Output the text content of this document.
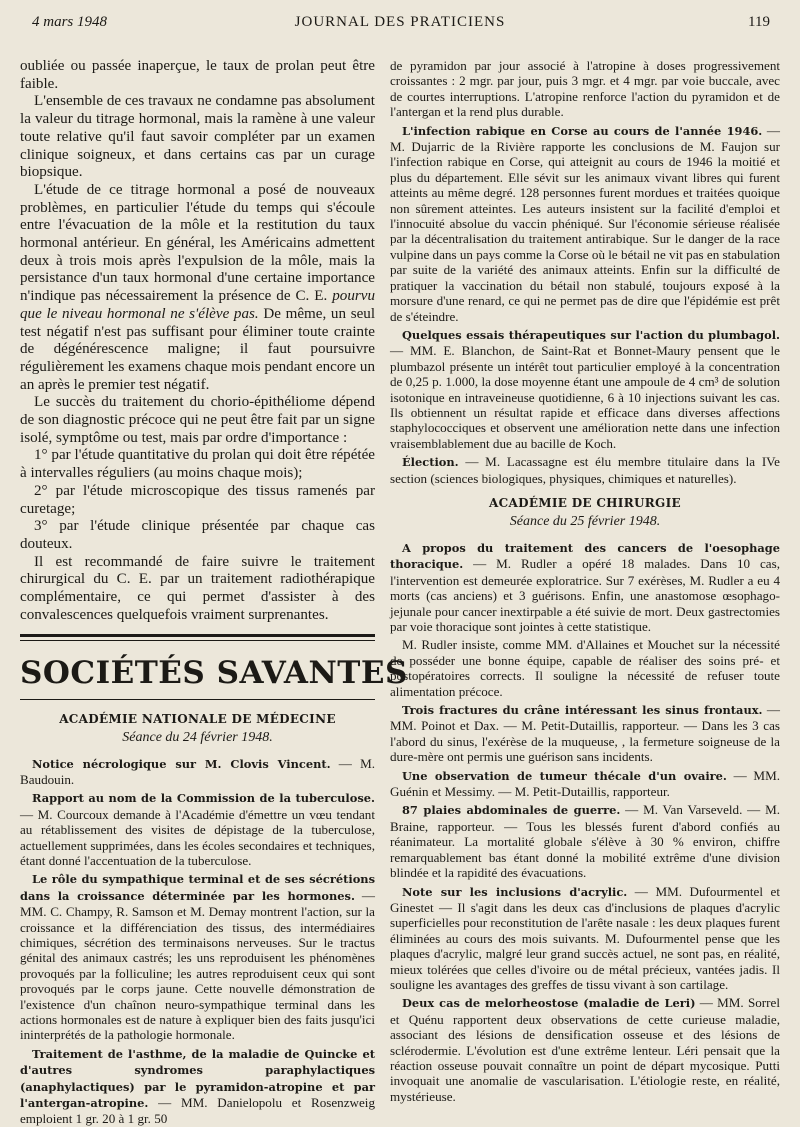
4 mars 1948	JOURNAL DES PRATICIENS	119

oubliée ou passée inaperçue, le taux de prolan peut être faible.

L'ensemble de ces travaux ne condamne pas absolument la valeur du titrage hormonal, mais la ramène à une valeur toute relative qu'il faut savoir compléter par un examen clinique soigneux, et dans certains cas par un curage biopsique.

L'étude de ce titrage hormonal a posé de nouveaux problèmes, en particulier l'étude du temps qui s'écoule entre l'évacuation de la môle et la restitution du taux hormonal antérieur. En général, les Américains admettent deux à trois mois après l'expulsion de la môle, mais la persistance d'un taux hormonal d'une certaine importance n'indique pas nécessairement la présence de C. E. pourvu que le niveau hormonal ne s'élève pas. De même, un seul test négatif n'est pas suffisant pour éliminer toute crainte de dégénérescence maligne; il faut poursuivre régulièrement les examens chaque mois pendant encore un an après le premier test négatif.

Le succès du traitement du chorio-épithéliome dépend de son diagnostic précoce qui ne peut être fait par un signe isolé, symptôme ou test, mais par ordre d'importance :

1° par l'étude quantitative du prolan qui doit être répétée à intervalles réguliers (au moins chaque mois);

2° par l'étude microscopique des tissus ramenés par curetage;

3° par l'étude clinique présentée par chaque cas douteux.

Il est recommandé de faire suivre le traitement chirurgical du C. E. par un traitement radiothérapique complémentaire, ce qui permet d'assister à des convalescences quelquefois vraiment surprenantes.

SOCIÉTÉS SAVANTES
ACADÉMIE NATIONALE DE MÉDECINE
Séance du 24 février 1948.

Notice nécrologique sur M. Clovis Vincent. — M. Baudouin.

Rapport au nom de la Commission de la tuberculose. — M. Courcoux demande à l'Académie d'émettre un vœu tendant au rétablissement des visites de dépistage de la tuberculose, actuellement supprimées, dans les écoles secondaires et techniques, étant donné l'accentuation de la tuberculose.

Le rôle du sympathique terminal et de ses sécrétions dans la croissance déterminée par les hormones. — MM. C. Champy, R. Samson et M. Demay montrent l'action, sur la croissance et la différenciation des tissus, des intermédiaires chimiques, sécrétion des terminaisons nerveuses. Sur le tractus génital des animaux castrés; les uns reproduisent les phénomènes provoqués par la folliculine; les autres reproduisent ceux qui sont provoqués par le corps jaune. Cette nouvelle démonstration de l'existence d'un chaînon neuro-sympathique terminal dans les actions hormonales est de nature à expliquer bien des faits jusqu'ici ininterprétés de la pathologie hormonale.

Traitement de l'asthme, de la maladie de Quincke et d'autres syndromes paraphylactiques (anaphylactiques) par le pyramidon-atropine et par l'antergan-atropine. — MM. Danielopolu et Rosenzweig emploient 1 gr. 20 à 1 gr. 50

de pyramidon par jour associé à l'atropine à doses progressivement croissantes : 2 mgr. par jour, puis 3 mgr. et 4 mgr. par voie buccale, avec de courtes interruptions. L'atropine renforce l'action du pyramidon et de l'antergan et la rend plus durable.

L'infection rabique en Corse au cours de l'année 1946. — M. Dujarric de la Rivière rapporte les conclusions de M. Faujon sur l'infection rabique en Corse, qui atteignit au cours de 1946 la moitié et plus du département. Elle sévit sur les animaux vivant libres qui furent atteints au même degré. 128 personnes furent mordues et traitées quoique non sûrement atteintes. Les auteurs insistent sur la facilité d'emploi et l'innocuité absolue du vaccin phéniqué. Sur l'économie sérieuse réalisée par la décentralisation du traitement antirabique. Sur le danger de la race vulpine dans un pays comme la Corse où le bétail ne vit pas en stabulation par suite de la variété des animaux atteints. Enfin sur la difficulté de pratiquer la vaccination du bétail non stabulé, toujours exposé à la morsure d'une renard, ce qui ne permet pas de dire que l'épidémie est prêt de s'éteindre.

Quelques essais thérapeutiques sur l'action du plumbagol. — MM. E. Blanchon, de Saint-Rat et Bonnet-Maury pensent que le plumbazol présente un intérêt tout particulier employé à la concentration de 0,25 p. 1.000, la dose moyenne étant une ampoule de 4 cm³ de solution isotonique en intraveineuse quotidienne, 6 à 10 injections suivant les cas. Ils obtiennent un résultat rapide et efficace dans diverses affections staphylococciques et observent une amélioration nette dans une infection vraisemblablement due au bacille de Koch.

Élection. — M. Lacassagne est élu membre titulaire dans la IVe section (sciences biologiques, physiques, chimiques et naturelles).

ACADÉMIE DE CHIRURGIE
Séance du 25 février 1948.

A propos du traitement des cancers de l'oesophage thoracique. — M. Rudler a opéré 18 malades. Dans 10 cas, l'intervention est demeurée exploratrice. Sur 7 exérèses, M. Rudler a eu 4 morts (cas anciens) et 3 guérisons. Enfin, une anastomose œsophago-jejunale pour cancer inextirpable a été suivie de mort. Deux gastrectomies par voie thoracique sont jointes à cette statistique.

M. Rudler insiste, comme MM. d'Allaines et Mouchet sur la nécessité de posséder une bonne équipe, capable de réaliser des soins pré- et postopératoires corrects. Il souligne la nécessité de refuser toute alimentation précoce.

Trois fractures du crâne intéressant les sinus frontaux. — MM. Poinot et Dax. — M. Petit-Dutaillis, rapporteur. — Dans les 3 cas l'abord du sinus, l'exérèse de la muqueuse, , la fermeture soigneuse de la dure-mère ont permis une guérison sans incidents.

Une observation de tumeur thécale d'un ovaire. — MM. Guénin et Messimy. — M. Petit-Dutaillis, rapporteur.

87 plaies abdominales de guerre. — M. Van Varseveld. — M. Braine, rapporteur. — Tous les blessés furent d'abord confiés au réanimateur. La mortalité globale s'élève à 30 % environ, chiffre remarquablement bas étant donné la mobilité extrême d'une division blindée et la rapidité des évacuations.

Note sur les inclusions d'acrylic. — MM. Dufourmentel et Ginestet — Il s'agit dans les deux cas d'inclusions de plaques d'acrylic superficielles pour reconstitution de l'arête nasale : les deux plaques furent éliminées au cours des mois suivants. M. Dufourmentel pense que les plaques d'acrylic, malgré leur grand succès actuel, ne sont pas, en réalité, mieux tolérées que celles d'ivoire ou de métal précieux, vantées jadis. Il souligne les avantages des greffes de tissu vivant à son cartilage.

Deux cas de melorheostose (maladie de Leri) — MM. Sorrel et Quénu rapportent deux observations de cette curieuse maladie, associant des lésions de densification osseuse et des lésions de sclérodermie. L'évolution est d'une extrême lenteur. Léri pensait que la réaction osseuse pouvait connaître un point de départ mycosique. Putti invoquait une anomalie de vascularisation. L'étiologie reste, en réalité, mystérieuse.
